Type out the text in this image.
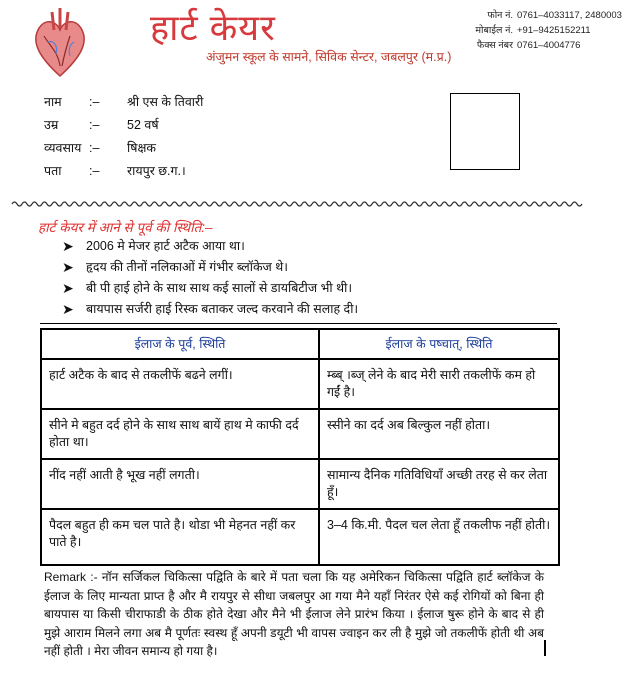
हार्ट केयर
अंजुमन स्कूल के सामने, सिविक सेन्टर, जबलपुर (म.प्र.)
फोन नं. 0761–4033117, 2480003
मोबाईल नं. +91–9425152211
फैक्स नंबर 0761–4004776
नाम	:–	श्री एस के तिवारी
उम्र	:–	52 वर्ष
व्यवसाय :–	षिक्षक
पता	:–	रायपुर छ.ग.।
हार्ट केयर में आने से पूर्व की स्थिति:–
➤ 2006 मे मेजर हार्ट अटैक आया था।
➤ हृदय की तीनों नलिकाओं में गंभीर ब्लॉकेज थे।
➤ बी पी हाई होने के साथ साथ कई सालों से डायबिटीज भी थी।
➤ बायपास सर्जरी हाई रिस्क बताकर जल्द करवाने की सलाह दी।
ईलाज के पूर्व, स्थिति	ईलाज के पष्चात्, स्थिति
हार्ट अटैक के बाद से तकलीफें बढने लगीं।	म्ब्ब् ।ब्ज् लेने के बाद मेरी सारी तकलीफें कम हो गईं है।
सीने मे बहुत दर्द होने के साथ साथ बायें हाथ मे काफी दर्द होता था।	स्सीने का दर्द अब बिल्कुल नहीं होता।
नींद नहीं आती है भूख नहीं लगती।	सामान्य दैनिक गतिविधियॉं अच्छी तरह से कर लेता हूॅं।
पैदल बहुत ही कम चल पाते है। थोडा भी मेहनत नहीं कर पाते है।	3–4 कि.मी. पैदल चल लेता हूॅं तकलीफ नहीं होती।
Remark :- नॉन सर्जिकल चिकित्सा पद्विति के बारे में पता चला कि यह अमेरिकन चिकित्सा पद्विति हार्ट ब्लॉकेज के ईलाज के लिए मान्यता प्राप्त है और मै रायपुर से सीधा जबलपुर आ गया मैने यहॉं निरंतर ऐसे कई रोगियों को बिना ही बायपास या किसी चीराफाडी के ठीक होते देखा और मैने भी ईलाज लेने प्रारंभ किया । ईलाज षुरू होने के बाद से ही मुझे आराम मिलने लगा अब मै पूर्णतः स्वस्थ हूॅं अपनी डयूटी भी वापस ज्वाइन कर ली है मुझे जो तकलीफें होती थी अब नहीं होती । मेरा जीवन समान्य हो गया है।
